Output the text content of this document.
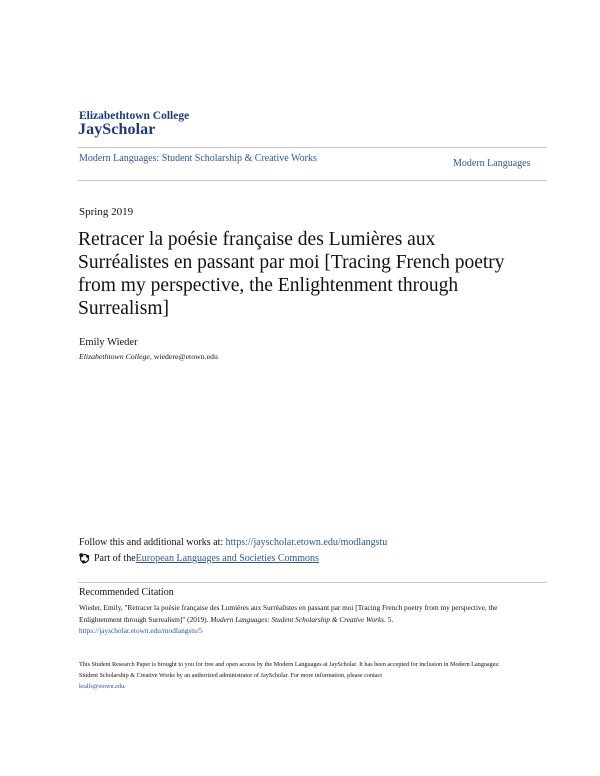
Elizabethtown College
JayScholar
Modern Languages: Student Scholarship & Creative Works	Modern Languages
Spring 2019
Retracer la poésie française des Lumières aux Surréalistes en passant par moi [Tracing French poetry from my perspective, the Enlightenment through Surrealism]
Emily Wieder
Elizabethtown College, wiedere@etown.edu
Follow this and additional works at: https://jayscholar.etown.edu/modlangstu
Part of the European Languages and Societies Commons
Recommended Citation
Wieder, Emily, "Retracer la poésie française des Lumières aux Surréalistes en passant par moi [Tracing French poetry from my perspective, the Enlightenment through Surrealism]" (2019). Modern Languages: Student Scholarship & Creative Works. 5.
https://jayscholar.etown.edu/modlangstu/5
This Student Research Paper is brought to you for free and open access by the Modern Languages at JayScholar. It has been accepted for inclusion in Modern Languages: Student Scholarship & Creative Works by an authorized administrator of JayScholar. For more information, please contact
kralls@etown.edu.
